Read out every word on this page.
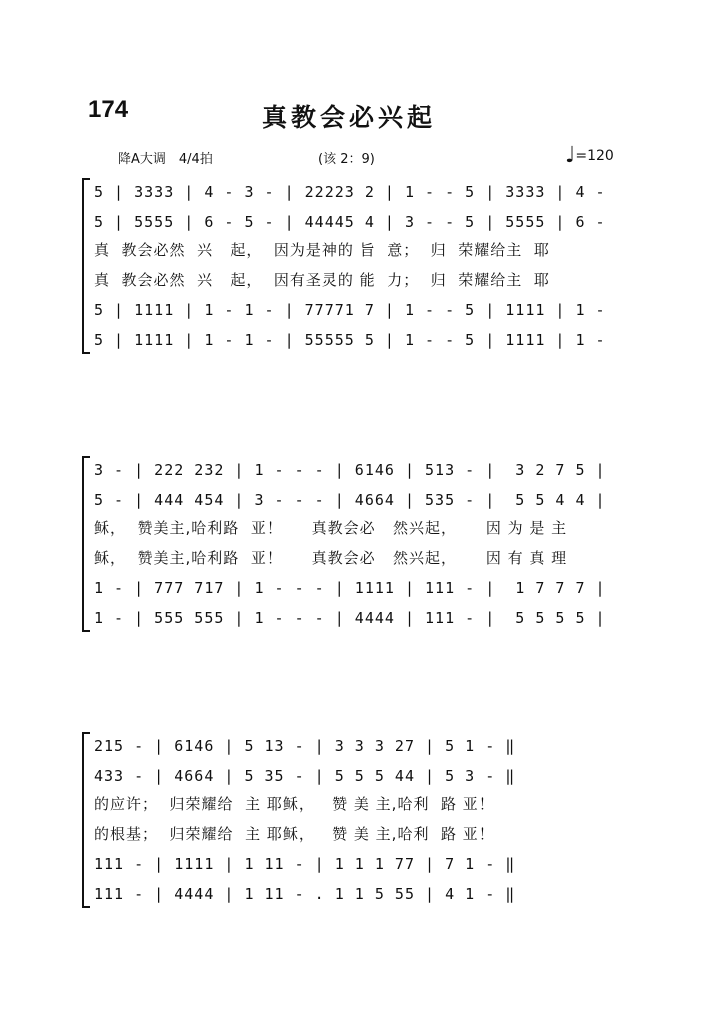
174	真教会必兴起
降A大调　4/4拍	(该 2：9)	♩=120
5 | 3333 | 4 - 3 - | 22223 2 | 1 - - 5 | 3333 | 4 -
5 | 5555 | 6 - 5 - | 44445 4 | 3 - - 5 | 5555 | 6 -
真  教会必然  兴   起，  因为是神的 旨  意；  归  荣耀给主  耶
真  教会必然  兴   起，  因有圣灵的 能  力；  归  荣耀给主  耶
5 | 1111 | 1 - 1 - | 77771 7 | 1 - - 5 | 1111 | 1 -
5 | 1111 | 1 - 1 - | 55555 5 | 1 - - 5 | 1111 | 1 -
3 - | 222 232 | 1 - - - | 6146 | 513 - |  3 2 7 5 |
5 - | 444 454 | 3 - - - | 4664 | 535 - |  5 5 4 4 |
稣，  赞美主,哈利路  亚！     真教会必   然兴起，     因 为 是 主
稣，  赞美主,哈利路  亚！     真教会必   然兴起，     因 有 真 理
1 - | 777 717 | 1 - - - | 1111 | 111 - |  1 7 7 7 |
1 - | 555 555 | 1 - - - | 4444 | 111 - |  5 5 5 5 |
215 - | 6146 | 5 13 - | 3 3 3 27 | 5 1 - ‖
433 - | 4664 | 5 35 - | 5 5 5 44 | 5 3 - ‖
的应许；  归荣耀给  主 耶稣，   赞 美 主,哈利  路 亚！
的根基；  归荣耀给  主 耶稣，   赞 美 主,哈利  路 亚！
111 - | 1111 | 1 11 - | 1 1 1 77 | 7 1 - ‖
111 - | 4444 | 1 11 - . 1 1 5 55 | 4 1 - ‖
